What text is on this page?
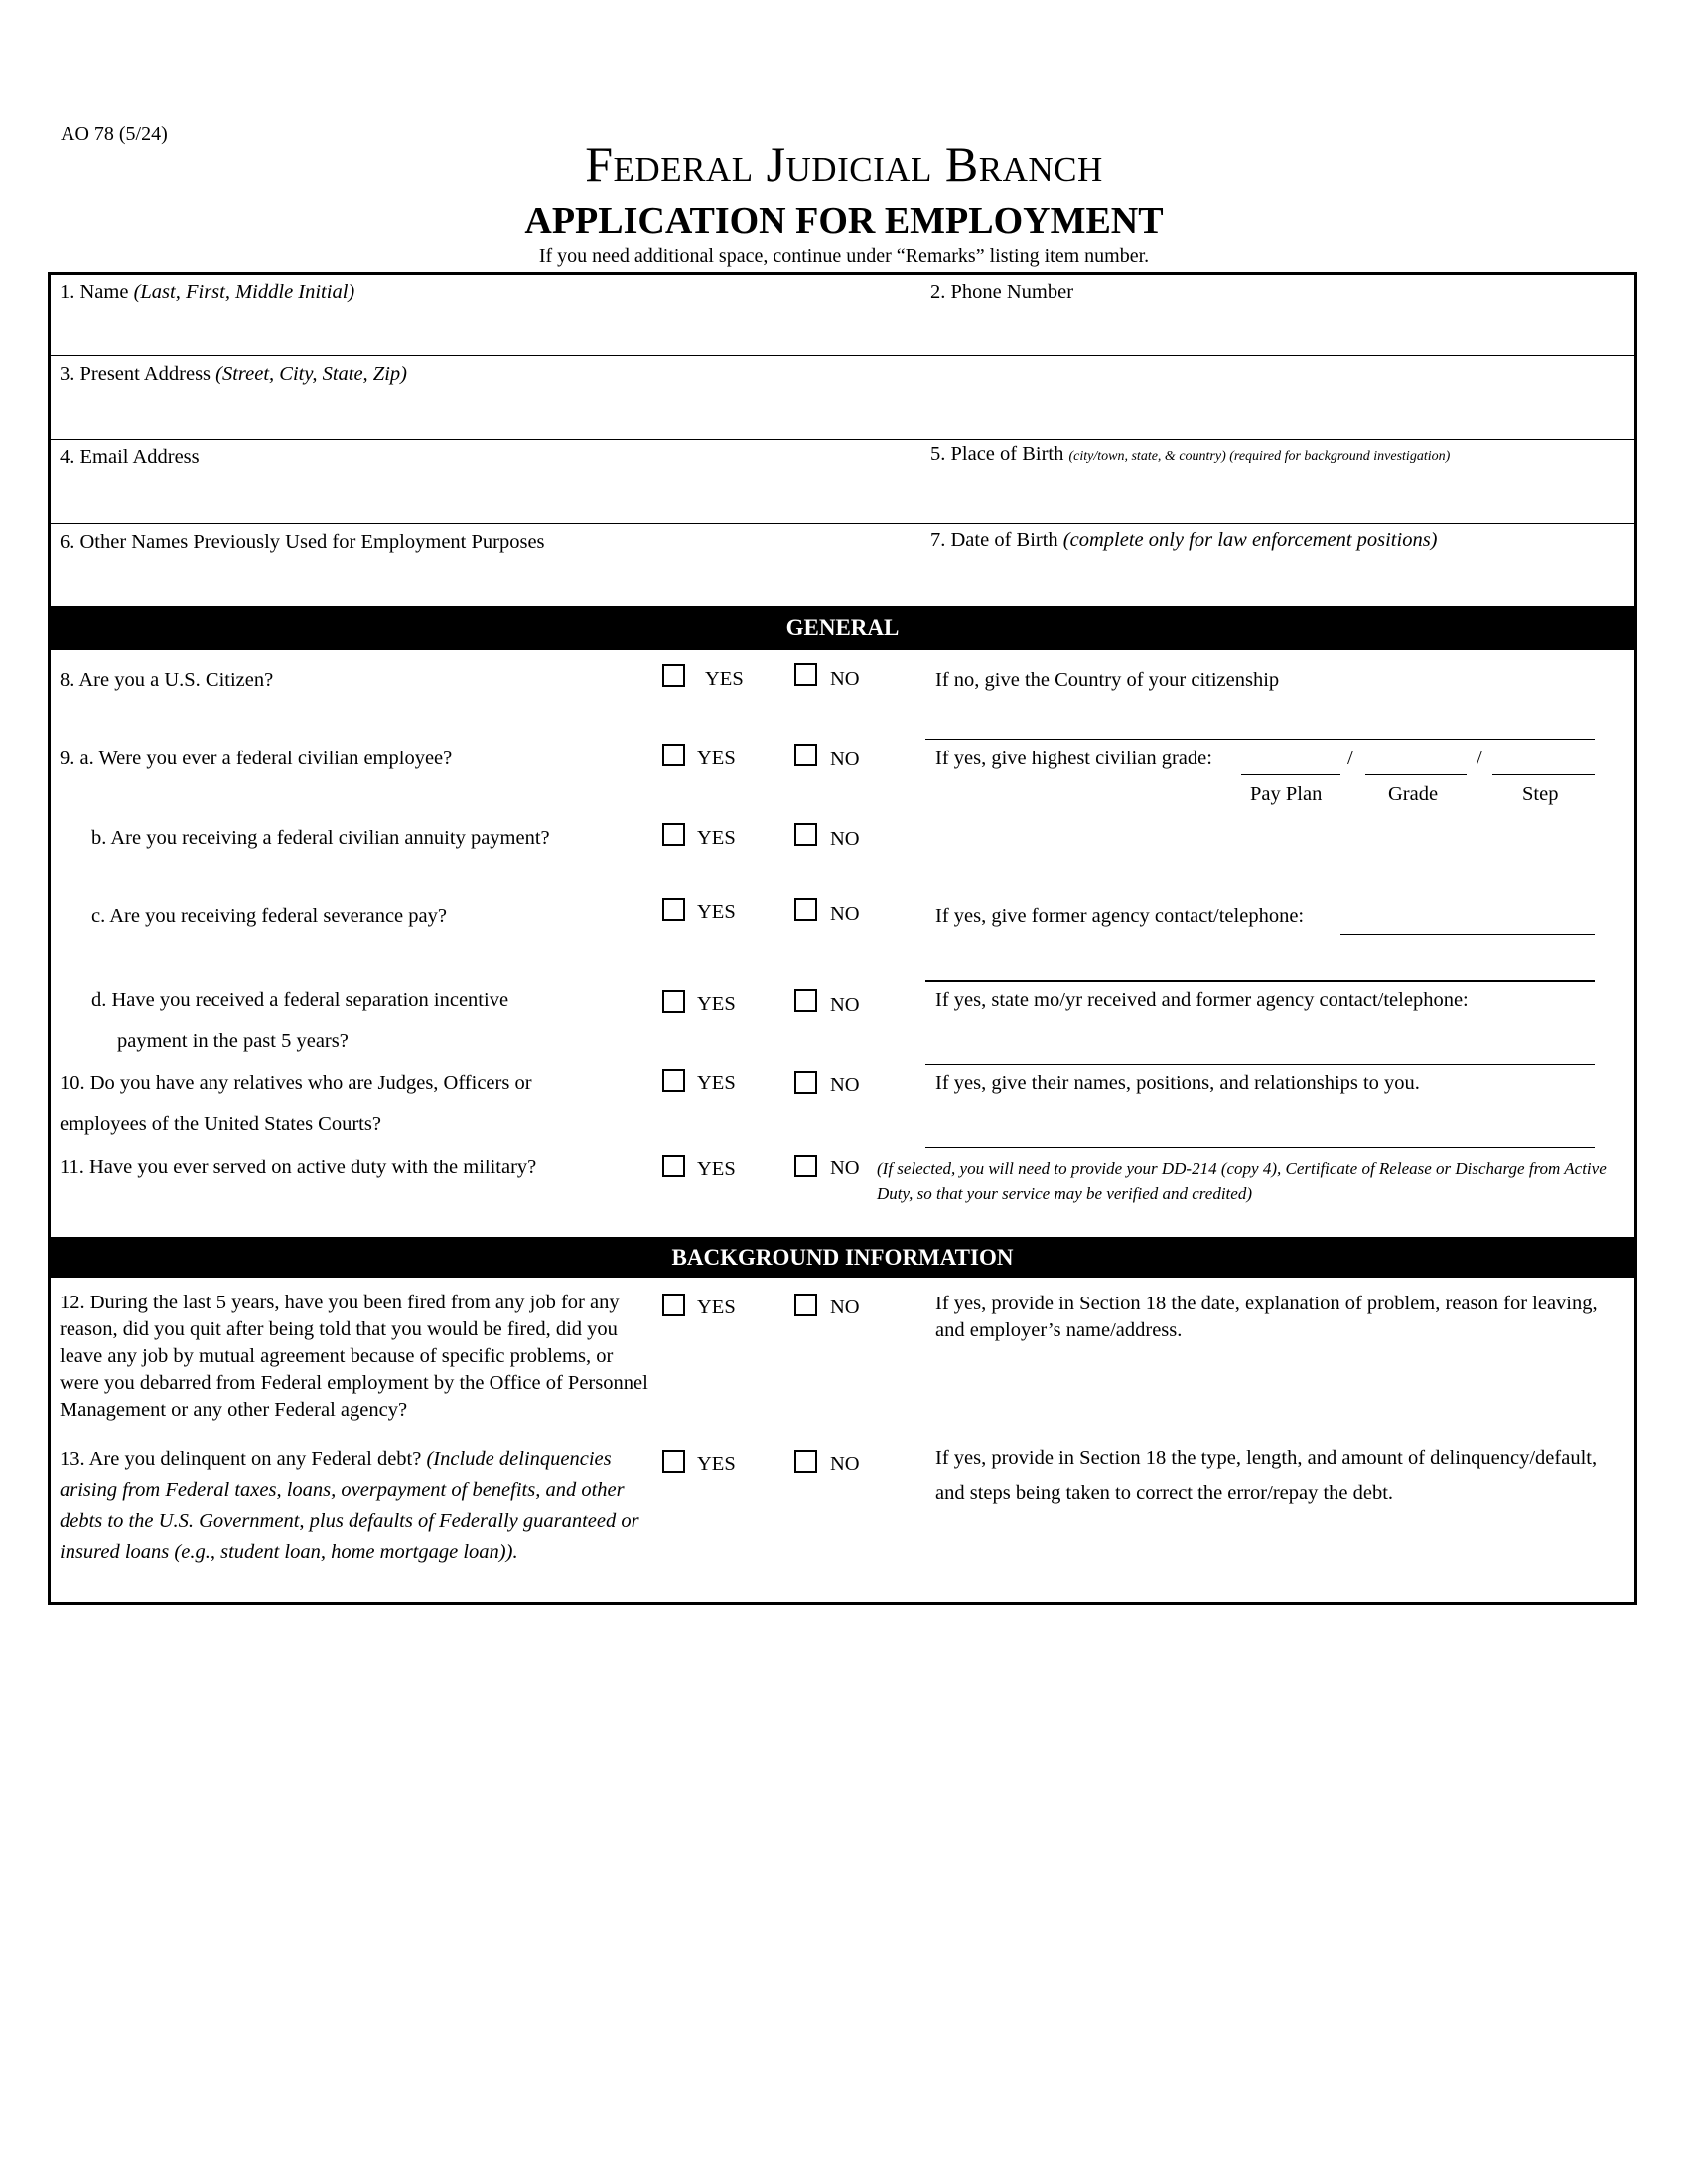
AO 78 (5/24)
Federal Judicial Branch
APPLICATION FOR EMPLOYMENT
If you need additional space, continue under “Remarks” listing item number.
1. Name (Last, First, Middle Initial)	2. Phone Number
3. Present Address (Street, City, State, Zip)
4. Email Address	5. Place of Birth (city/town, state, & country) (required for background investigation)
6. Other Names Previously Used for Employment Purposes	7. Date of Birth (complete only for law enforcement positions)
GENERAL
8. Are you a U.S. Citizen?	YES	NO	If no, give the Country of your citizenship
9. a. Were you ever a federal civilian employee?	YES	NO	If yes, give highest civilian grade:	/	/
Pay Plan	Grade	Step
b. Are you receiving a federal civilian annuity payment?	YES	NO
c. Are you receiving federal severance pay?	YES	NO	If yes, give former agency contact/telephone:
d. Have you received a federal separation incentive
payment in the past 5 years?
YES	NO	If yes, state mo/yr received and former agency contact/telephone:
10. Do you have any relatives who are Judges, Officers or
employees of the United States Courts?
YES	NO	If yes, give their names, positions, and relationships to you.
11. Have you ever served on active duty with the military?	YES	NO (If selected, you will need to provide your DD-214 (copy 4), Certificate of Release or Discharge from Active Duty, so that your service may be verified and credited)
BACKGROUND INFORMATION
12. During the last 5 years, have you been fired from any job for any reason, did you quit after being told that you would be fired, did you leave any job by mutual agreement because of specific problems, or were you debarred from Federal employment by the Office of Personnel Management or any other Federal agency?
YES	NO	If yes, provide in Section 18 the date, explanation of problem, reason for leaving, and employer’s name/address.
13. Are you delinquent on any Federal debt? (Include delinquencies arising from Federal taxes, loans, overpayment of benefits, and other debts to the U.S. Government, plus defaults of Federally guaranteed or insured loans (e.g., student loan, home mortgage loan)).
YES	NO	If yes, provide in Section 18 the type, length, and amount of delinquency/default, and steps being taken to correct the error/repay the debt.
